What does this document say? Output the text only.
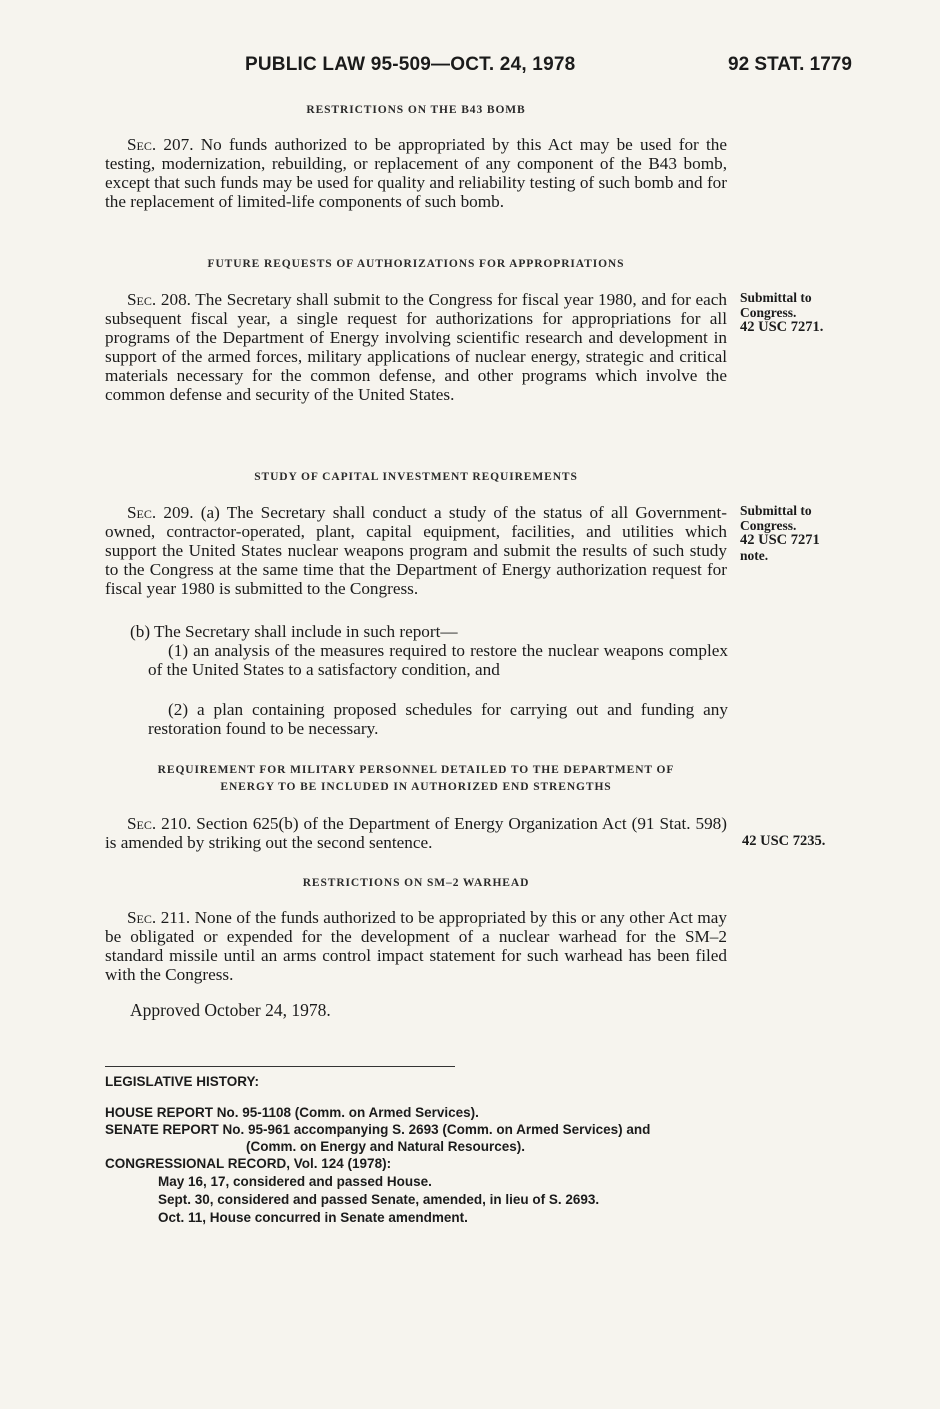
PUBLIC LAW 95-509—OCT. 24, 1978	92 STAT. 1779
RESTRICTIONS ON THE B43 BOMB
Sec. 207. No funds authorized to be appropriated by this Act may be used for the testing, modernization, rebuilding, or replacement of any component of the B43 bomb, except that such funds may be used for quality and reliability testing of such bomb and for the replacement of limited-life components of such bomb.
FUTURE REQUESTS OF AUTHORIZATIONS FOR APPROPRIATIONS
Sec. 208. The Secretary shall submit to the Congress for fiscal year 1980, and for each subsequent fiscal year, a single request for authorizations for appropriations for all programs of the Department of Energy involving scientific research and development in support of the armed forces, military applications of nuclear energy, strategic and critical materials necessary for the common defense, and other programs which involve the common defense and security of the United States.
Submittal to
Congress.
42 USC 7271.
STUDY OF CAPITAL INVESTMENT REQUIREMENTS
Sec. 209. (a) The Secretary shall conduct a study of the status of all Government-owned, contractor-operated, plant, capital equipment, facilities, and utilities which support the United States nuclear weapons program and submit the results of such study to the Congress at the same time that the Department of Energy authorization request for fiscal year 1980 is submitted to the Congress.
(b) The Secretary shall include in such report—
(1) an analysis of the measures required to restore the nuclear weapons complex of the United States to a satisfactory condition, and
(2) a plan containing proposed schedules for carrying out and funding any restoration found to be necessary.
Submittal to
Congress.
42 USC 7271
note.
REQUIREMENT FOR MILITARY PERSONNEL DETAILED TO THE DEPARTMENT OF
ENERGY TO BE INCLUDED IN AUTHORIZED END STRENGTHS
Sec. 210. Section 625(b) of the Department of Energy Organization Act (91 Stat. 598) is amended by striking out the second sentence.	42 USC 7235.
RESTRICTIONS ON SM–2 WARHEAD
Sec. 211. None of the funds authorized to be appropriated by this or any other Act may be obligated or expended for the development of a nuclear warhead for the SM–2 standard missile until an arms control impact statement for such warhead has been filed with the Congress.
Approved October 24, 1978.
LEGISLATIVE HISTORY:
HOUSE REPORT No. 95-1108 (Comm. on Armed Services).
SENATE REPORT No. 95-961 accompanying S. 2693 (Comm. on Armed Services) and
(Comm. on Energy and Natural Resources).
CONGRESSIONAL RECORD, Vol. 124 (1978):
May 16, 17, considered and passed House.
Sept. 30, considered and passed Senate, amended, in lieu of S. 2693.
Oct. 11, House concurred in Senate amendment.
